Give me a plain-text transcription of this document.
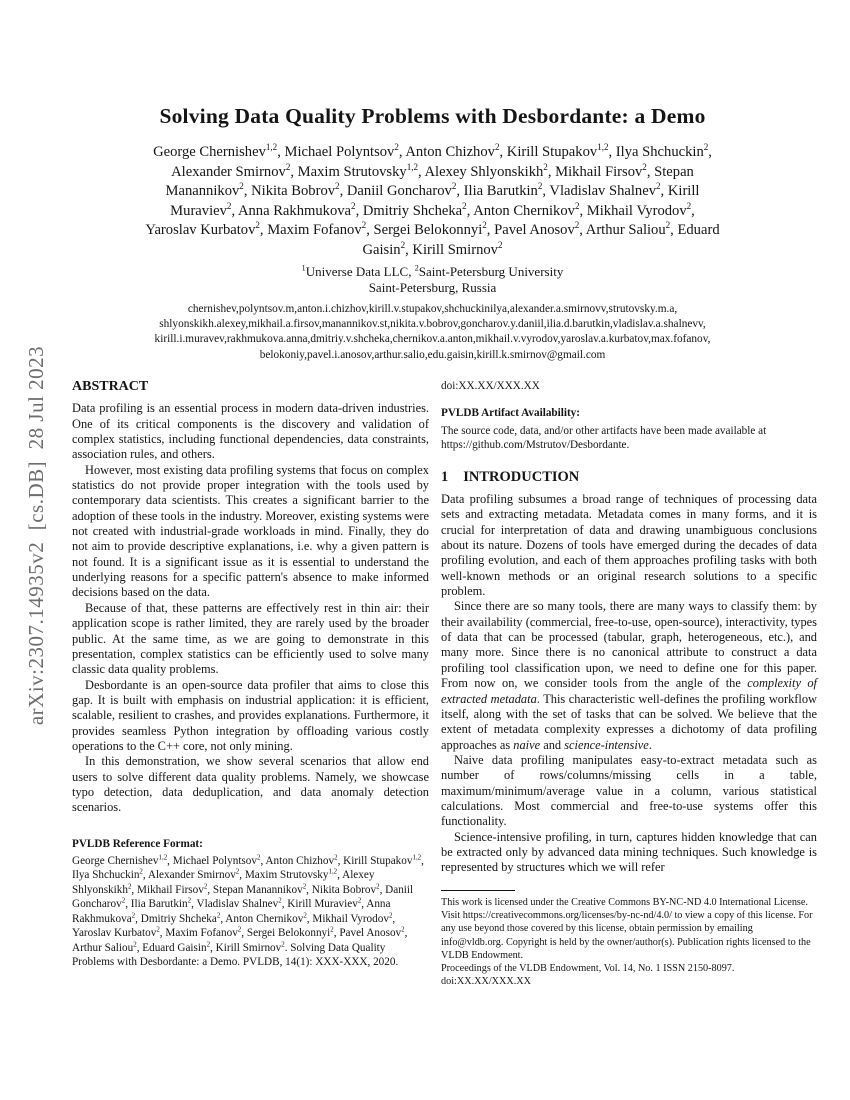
arXiv:2307.14935v2  [cs.DB]  28 Jul 2023
Solving Data Quality Problems with Desbordante: a Demo
George Chernishev$^{1,2}$, Michael Polyntsov$^2$, Anton Chizhov$^2$, Kirill Stupakov$^{1,2}$, Ilya Shchuckin$^2$,
Alexander Smirnov$^2$, Maxim Strutovsky$^{1,2}$, Alexey Shlyonskikh$^2$, Mikhail Firsov$^2$, Stepan
Manannikov$^2$, Nikita Bobrov$^2$, Daniil Goncharov$^2$, Ilia Barutkin$^2$, Vladislav Shalnev$^2$, Kirill
Muraviev$^2$, Anna Rakhmukova$^2$, Dmitriy Shcheka$^2$, Anton Chernikov$^2$, Mikhail Vyrodov$^2$,
Yaroslav Kurbatov$^2$, Maxim Fofanov$^2$, Sergei Belokonnyi$^2$, Pavel Anosov$^2$, Arthur Saliou$^2$, Eduard
Gaisin$^2$, Kirill Smirnov$^2$
$^1$Universe Data LLC, $^2$Saint-Petersburg University
Saint-Petersburg, Russia
chernishev,polyntsov.m,anton.i.chizhov,kirill.v.stupakov,shchuckinilya,alexander.a.smirnovv,strutovsky.m.a,
shlyonskikh.alexey,mikhail.a.firsov,manannikov.st,nikita.v.bobrov,goncharov.y.daniil,ilia.d.barutkin,vladislav.a.shalnevv,
kirill.i.muravev,rakhmukova.anna,dmitriy.v.shcheka,chernikov.a.anton,mikhail.v.vyrodov,yaroslav.a.kurbatov,max.fofanov,
belokoniy,pavel.i.anosov,arthur.salio,edu.gaisin,kirill.k.smirnov@gmail.com
ABSTRACT

Data profiling is an essential process in modern data-driven industries. One of its critical components is the discovery and validation of complex statistics, including functional dependencies, data constraints, association rules, and others.

However, most existing data profiling systems that focus on complex statistics do not provide proper integration with the tools used by contemporary data scientists. This creates a significant barrier to the adoption of these tools in the industry. Moreover, existing systems were not created with industrial-grade workloads in mind. Finally, they do not aim to provide descriptive explanations, i.e. why a given pattern is not found. It is a significant issue as it is essential to understand the underlying reasons for a specific pattern's absence to make informed decisions based on the data.

Because of that, these patterns are effectively rest in thin air: their application scope is rather limited, they are rarely used by the broader public. At the same time, as we are going to demonstrate in this presentation, complex statistics can be efficiently used to solve many classic data quality problems.

Desbordante is an open-source data profiler that aims to close this gap. It is built with emphasis on industrial application: it is efficient, scalable, resilient to crashes, and provides explanations. Furthermore, it provides seamless Python integration by offloading various costly operations to the C++ core, not only mining.

In this demonstration, we show several scenarios that allow end users to solve different data quality problems. Namely, we showcase typo detection, data deduplication, and data anomaly detection scenarios.

PVLDB Reference Format:
George Chernishev$^{1,2}$, Michael Polyntsov$^2$, Anton Chizhov$^2$, Kirill Stupakov$^{1,2}$, Ilya Shchuckin$^2$, Alexander Smirnov$^2$, Maxim Strutovsky$^{1,2}$, Alexey Shlyonskikh$^2$, Mikhail Firsov$^2$, Stepan Manannikov$^2$, Nikita Bobrov$^2$, Daniil Goncharov$^2$, Ilia Barutkin$^2$, Vladislav Shalnev$^2$, Kirill Muraviev$^2$, Anna Rakhmukova$^2$, Dmitriy Shcheka$^2$, Anton Chernikov$^2$, Mikhail Vyrodov$^2$, Yaroslav Kurbatov$^2$, Maxim Fofanov$^2$, Sergei Belokonnyi$^2$, Pavel Anosov$^2$, Arthur Saliou$^2$, Eduard Gaisin$^2$, Kirill Smirnov$^2$. Solving Data Quality Problems with Desbordante: a Demo. PVLDB, 14(1): XXX-XXX, 2020.
doi:XX.XX/XXX.XX
PVLDB Artifact Availability:
The source code, data, and/or other artifacts have been made available at https://github.com/Mstrutov/Desbordante.
1 INTRODUCTION

Data profiling subsumes a broad range of techniques of processing data sets and extracting metadata. Metadata comes in many forms, and it is crucial for interpretation of data and drawing unambiguous conclusions about its nature. Dozens of tools have emerged during the decades of data profiling evolution, and each of them approaches profiling tasks with both well-known methods or an original research solutions to a specific problem.

Since there are so many tools, there are many ways to classify them: by their availability (commercial, free-to-use, open-source), interactivity, types of data that can be processed (tabular, graph, heterogeneous, etc.), and many more. Since there is no canonical attribute to construct a data profiling tool classification upon, we need to define one for this paper. From now on, we consider tools from the angle of the complexity of extracted metadata. This characteristic well-defines the profiling workflow itself, along with the set of tasks that can be solved. We believe that the extent of metadata complexity expresses a dichotomy of data profiling approaches as naive and science-intensive.

Naive data profiling manipulates easy-to-extract metadata such as number of rows/columns/missing cells in a table, maximum/minimum/average value in a column, various statistical calculations. Most commercial and free-to-use systems offer this functionality.

Science-intensive profiling, in turn, captures hidden knowledge that can be extracted only by advanced data mining techniques. Such knowledge is represented by structures which we will refer

This work is licensed under the Creative Commons BY-NC-ND 4.0 International License. Visit https://creativecommons.org/licenses/by-nc-nd/4.0/ to view a copy of this license. For any use beyond those covered by this license, obtain permission by emailing info@vldb.org. Copyright is held by the owner/author(s). Publication rights licensed to the VLDB Endowment.
Proceedings of the VLDB Endowment, Vol. 14, No. 1 ISSN 2150-8097.
doi:XX.XX/XXX.XX
